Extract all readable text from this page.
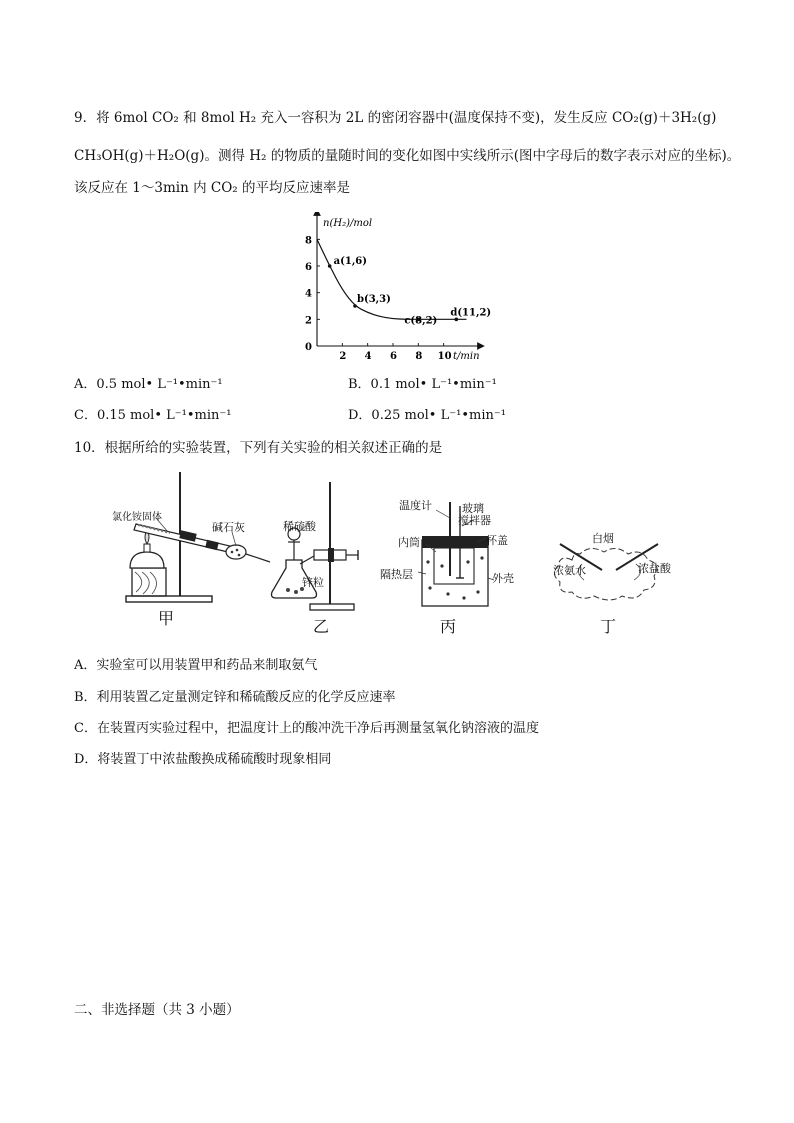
9．将 6mol CO₂ 和 8mol H₂ 充入一容积为 2L 的密闭容器中(温度保持不变)，发生反应 CO₂(g)＋3H₂(g)
CH₃OH(g)＋H₂O(g)。测得 H₂ 的物质的量随时间的变化如图中实线所示(图中字母后的数字表示对应的坐标)。
该反应在 1～3min 内 CO₂ 的平均反应速率是
n(H₂)/mol
t/min
0
2 4 6 8 10
2
4
6
8
a(1,6)
b(3,3)
c(8,2)
d(11,2)
A．0.5 mol• L⁻¹•min⁻¹	B．0.1 mol• L⁻¹•min⁻¹
C．0.15 mol• L⁻¹•min⁻¹	D．0.25 mol• L⁻¹•min⁻¹
10．根据所给的实验装置，下列有关实验的相关叙述正确的是
氯化铵固体
碱石灰
甲
稀硫酸
锌粒
乙
温度计	玻璃
搅拌器
内筒	杯盖
隔热层	外壳
丙
白烟
浓氨水	浓盐酸
丁
A．实验室可以用装置甲和药品来制取氨气
B．利用装置乙定量测定锌和稀硫酸反应的化学反应速率
C．在装置丙实验过程中，把温度计上的酸冲洗干净后再测量氢氧化钠溶液的温度
D．将装置丁中浓盐酸换成稀硫酸时现象相同
二、非选择题（共 3 小题）
